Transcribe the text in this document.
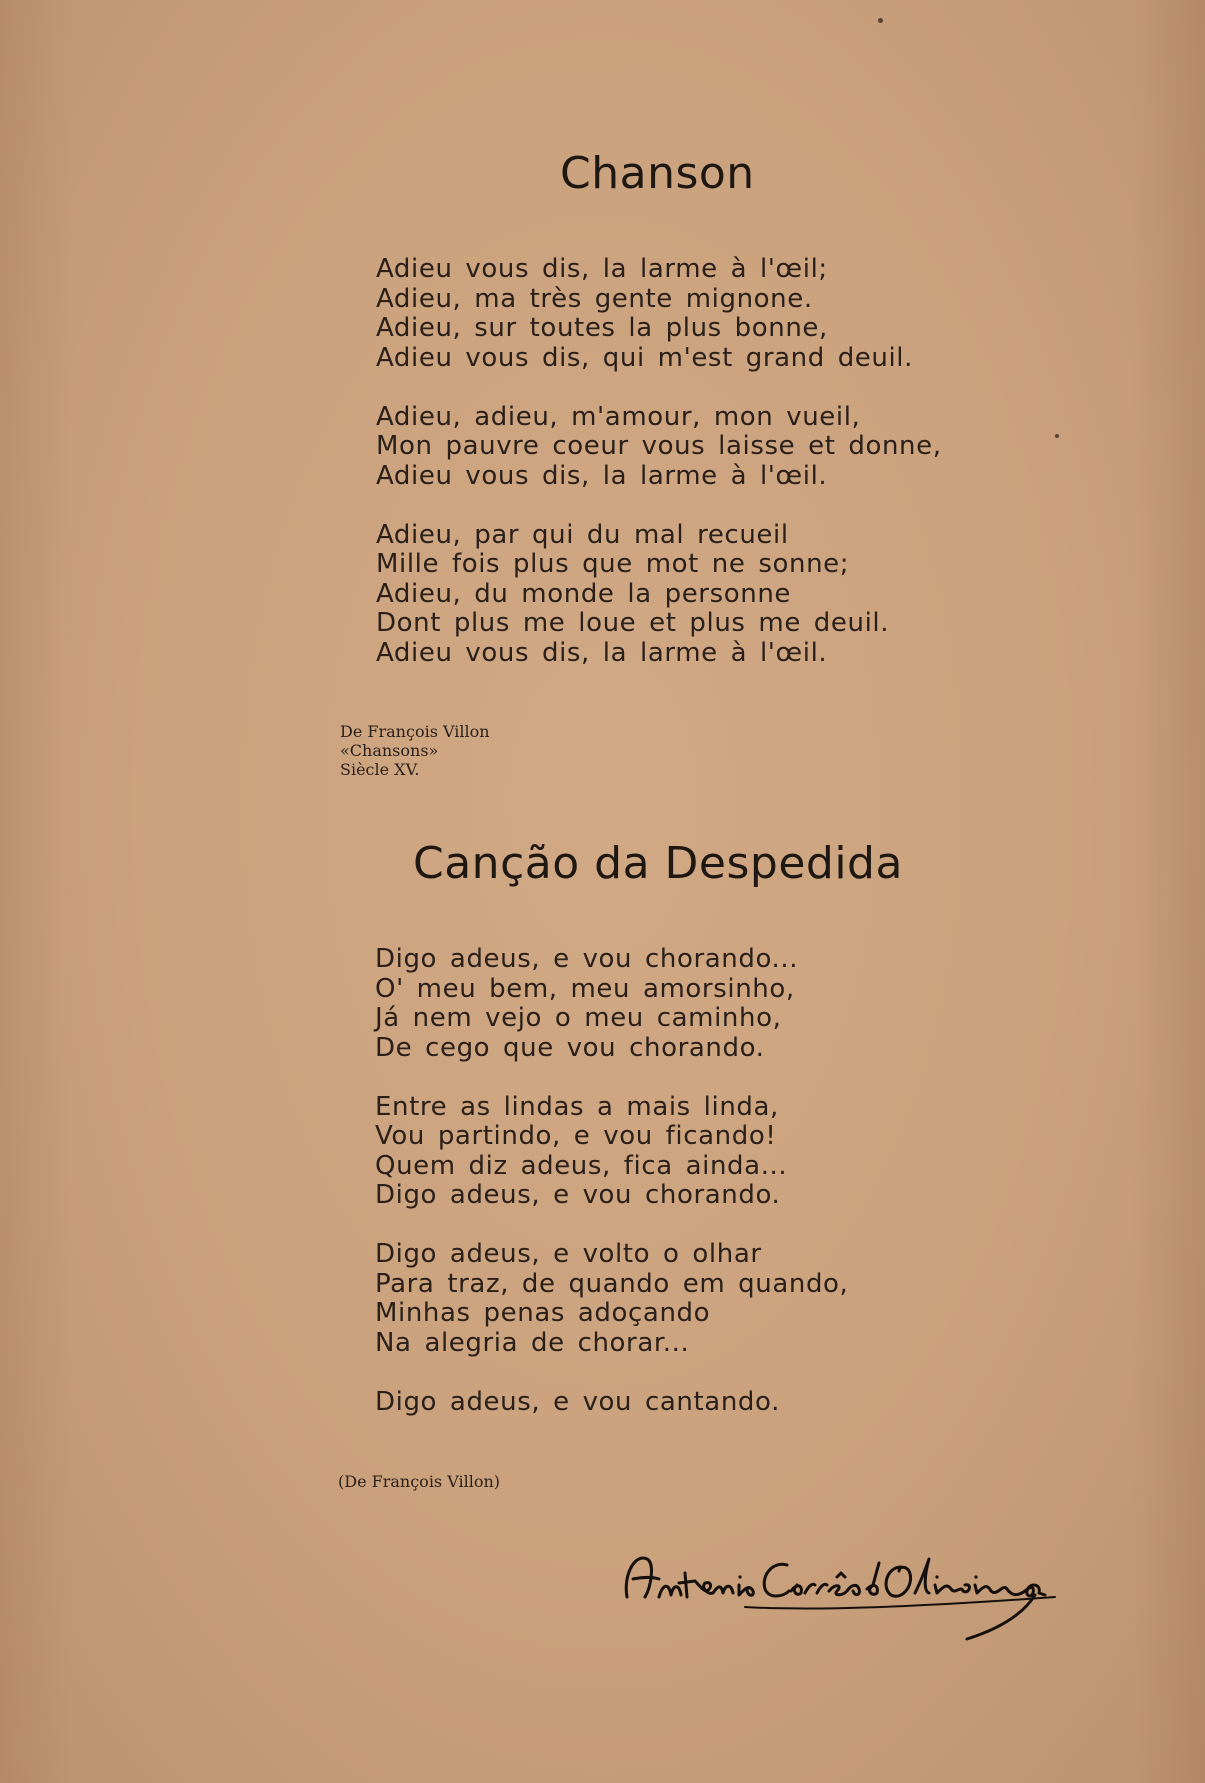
Chanson
Adieu vous dis, la larme à l'œil;
Adieu, ma très gente mignone.
Adieu, sur toutes la plus bonne,
Adieu vous dis, qui m'est grand deuil.
Adieu, adieu, m'amour, mon vueil,
Mon pauvre coeur vous laisse et donne,
Adieu vous dis, la larme à l'œil.
Adieu, par qui du mal recueil
Mille fois plus que mot ne sonne;
Adieu, du monde la personne
Dont plus me loue et plus me deuil.
Adieu vous dis, la larme à l'œil.
De François Villon
«Chansons»
Siècle XV.
Canção da Despedida
Digo adeus, e vou chorando...
O' meu bem, meu amorsinho,
Já nem vejo o meu caminho,
De cego que vou chorando.
Entre as lindas a mais linda,
Vou partindo, e vou ficando!
Quem diz adeus, fica ainda...
Digo adeus, e vou chorando.
Digo adeus, e volto o olhar
Para traz, de quando em quando,
Minhas penas adoçando
Na alegria de chorar...
Digo adeus, e vou cantando.
(De François Villon)
